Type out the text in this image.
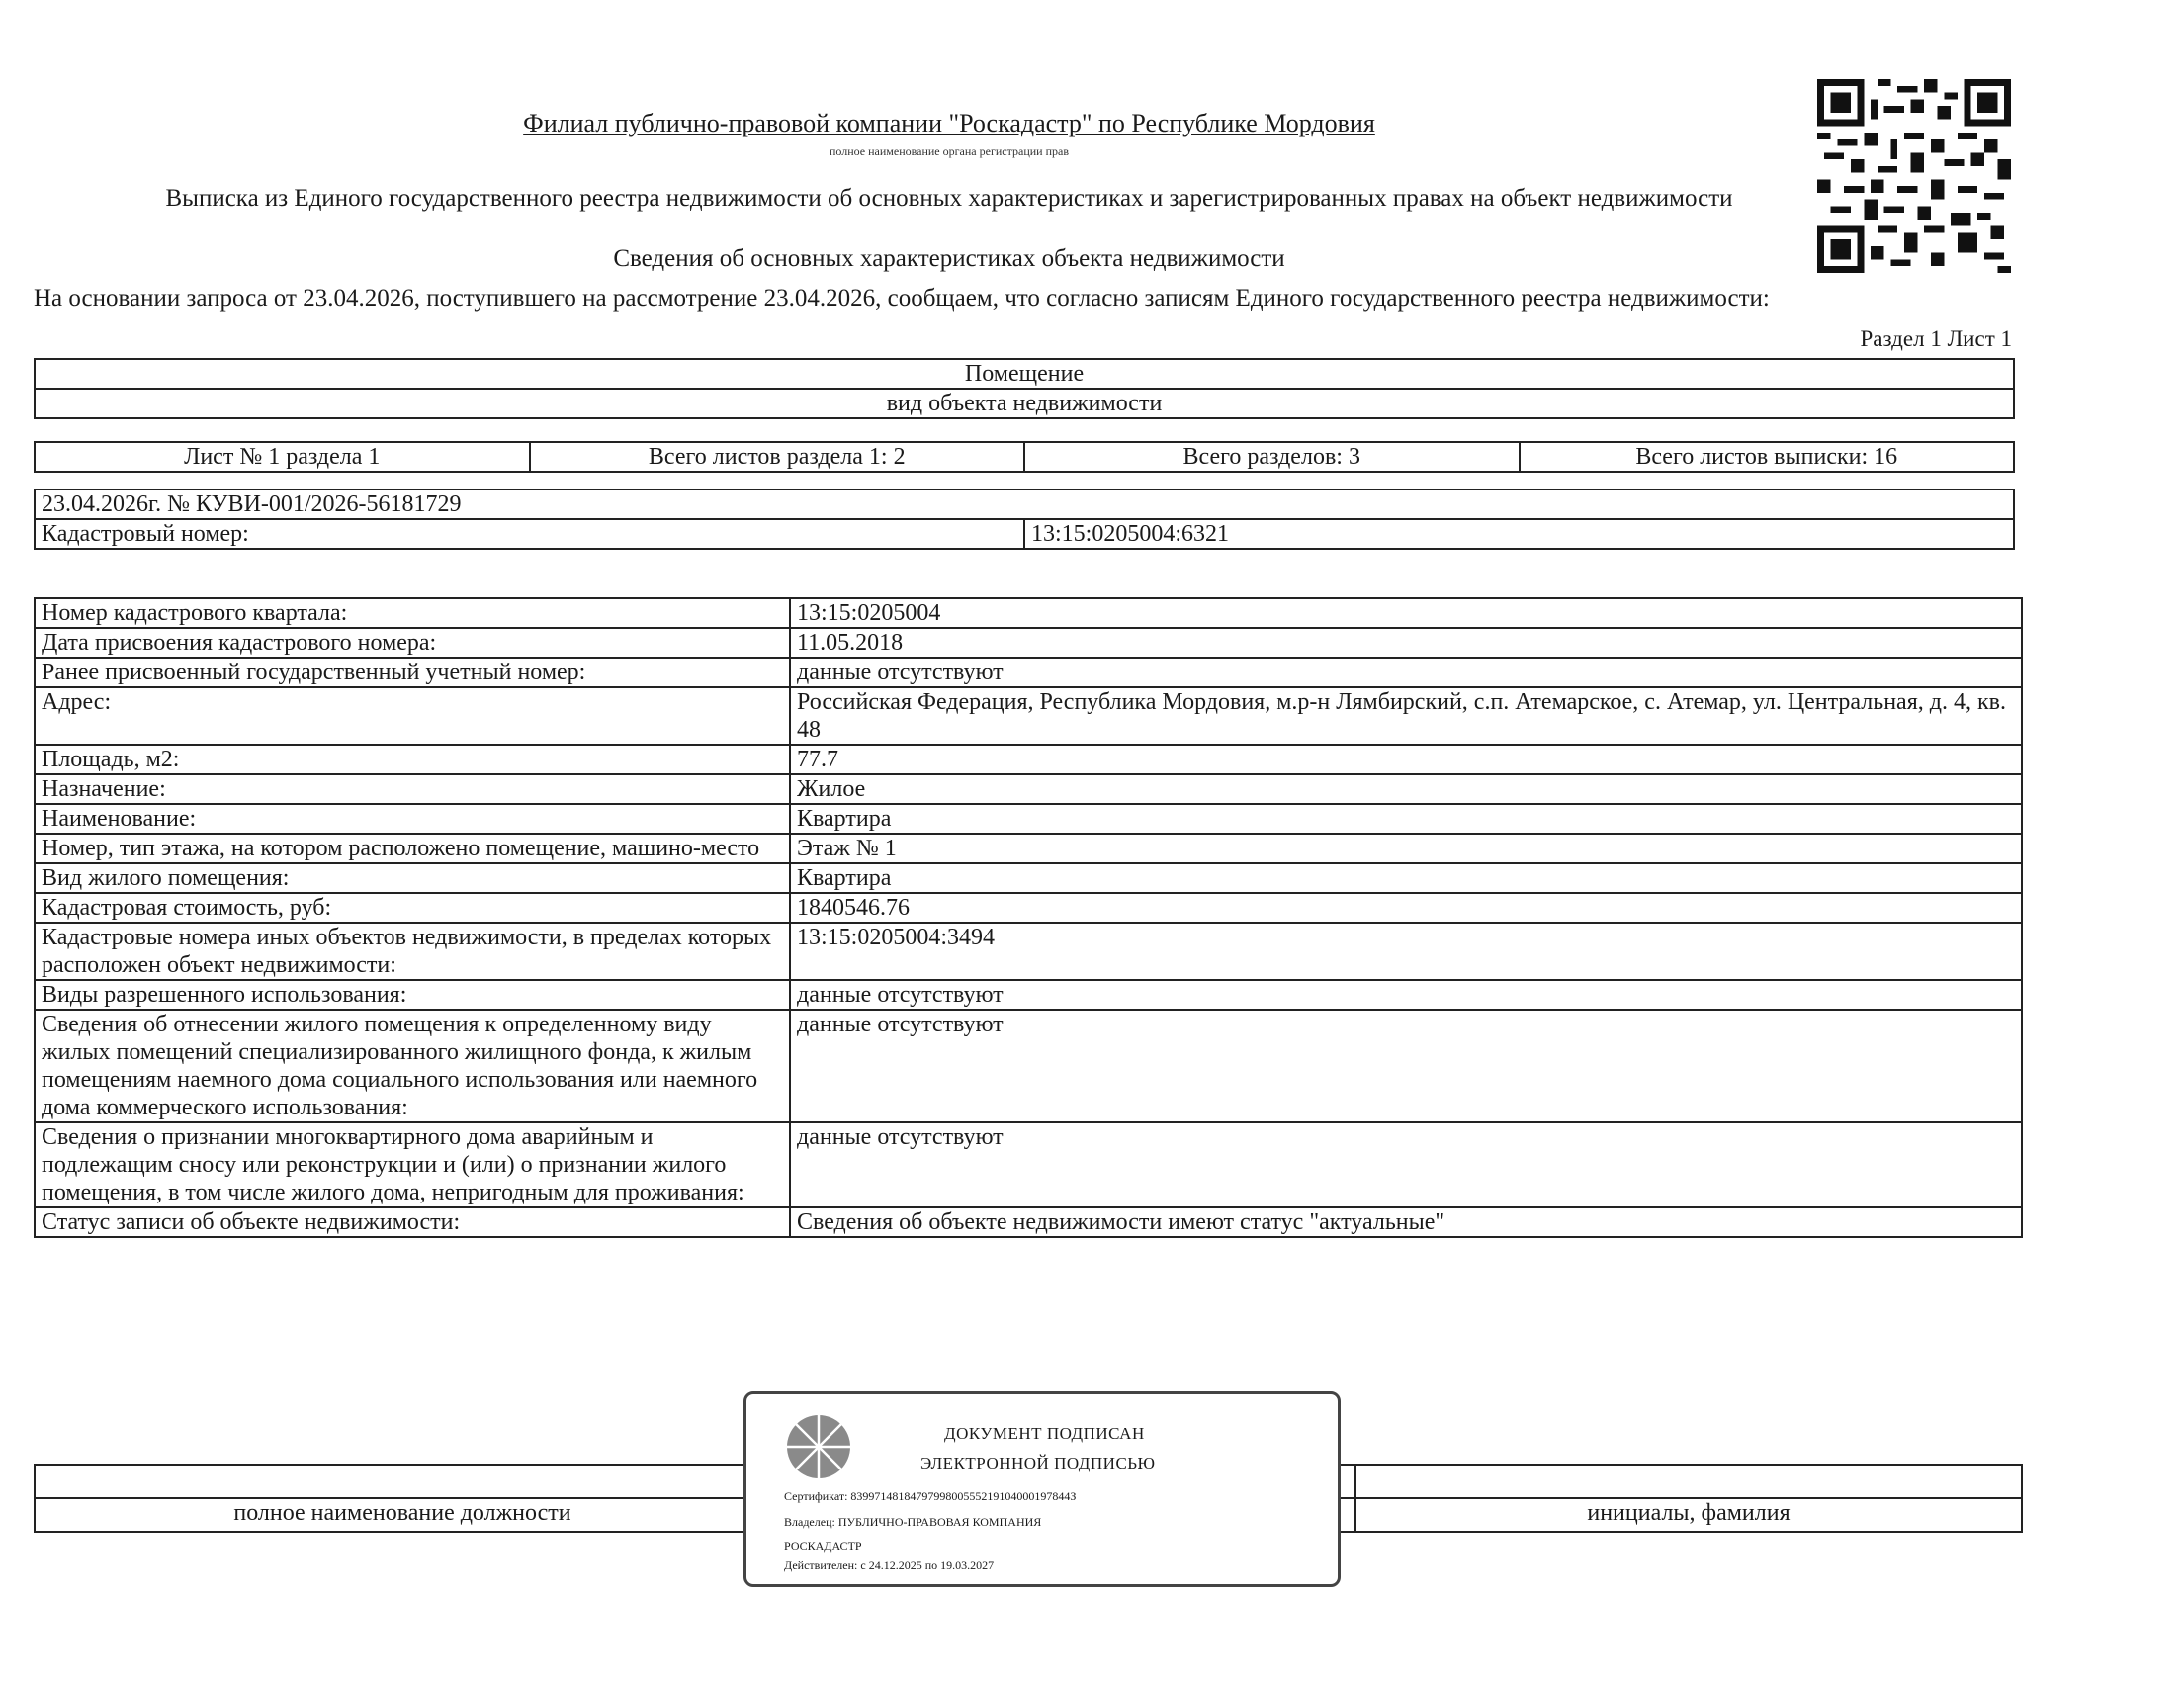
Филиал публично-правовой компании "Роскадастр" по Республике Мордовия
полное наименование органа регистрации прав
Выписка из Единого государственного реестра недвижимости об основных характеристиках и зарегистрированных правах на объект недвижимости
Сведения об основных характеристиках объекта недвижимости
На основании запроса от 23.04.2026, поступившего на рассмотрение 23.04.2026, сообщаем, что согласно записям Единого государственного реестра недвижимости:
Раздел 1 Лист 1
Помещение
вид объекта недвижимости
Лист № 1 раздела 1	Всего листов раздела 1: 2	Всего разделов: 3	Всего листов выписки: 16
23.04.2026г. № КУВИ-001/2026-56181729
Кадастровый номер:	13:15:0205004:6321
Номер кадастрового квартала:	13:15:0205004
Дата присвоения кадастрового номера:	11.05.2018
Ранее присвоенный государственный учетный номер:	данные отсутствуют
Адрес:	Российская Федерация, Республика Мордовия, м.р-н Лямбирский, с.п. Атемарское, с. Атемар, ул. Центральная, д. 4, кв. 48
Площадь, м2:	77.7
Назначение:	Жилое
Наименование:	Квартира
Номер, тип этажа, на котором расположено помещение, машино-место	Этаж № 1
Вид жилого помещения:	Квартира
Кадастровая стоимость, руб:	1840546.76
Кадастровые номера иных объектов недвижимости, в пределах которых расположен объект недвижимости:	13:15:0205004:3494
Виды разрешенного использования:	данные отсутствуют
Сведения об отнесении жилого помещения к определенному виду жилых помещений специализированного жилищного фонда, к жилым помещениям наемного дома социального использования или наемного дома коммерческого использования:	данные отсутствуют
Сведения о признании многоквартирного дома аварийным и подлежащим сносу или реконструкции и (или) о признании жилого помещения, в том числе жилого дома, непригодным для проживания:	данные отсутствуют
Статус записи об объекте недвижимости:	Сведения об объекте недвижимости имеют статус "актуальные"

полное наименование должности		инициалы, фамилия
ДОКУМЕНТ ПОДПИСАН
ЭЛЕКТРОННОЙ ПОДПИСЬЮ
Сертификат: 8399714818479799800555219104000197844З
Владелец: ПУБЛИЧНО-ПРАВОВАЯ КОМПАНИЯ
РОСКАДАСТР
Действителен: с 24.12.2025 по 19.03.2027
